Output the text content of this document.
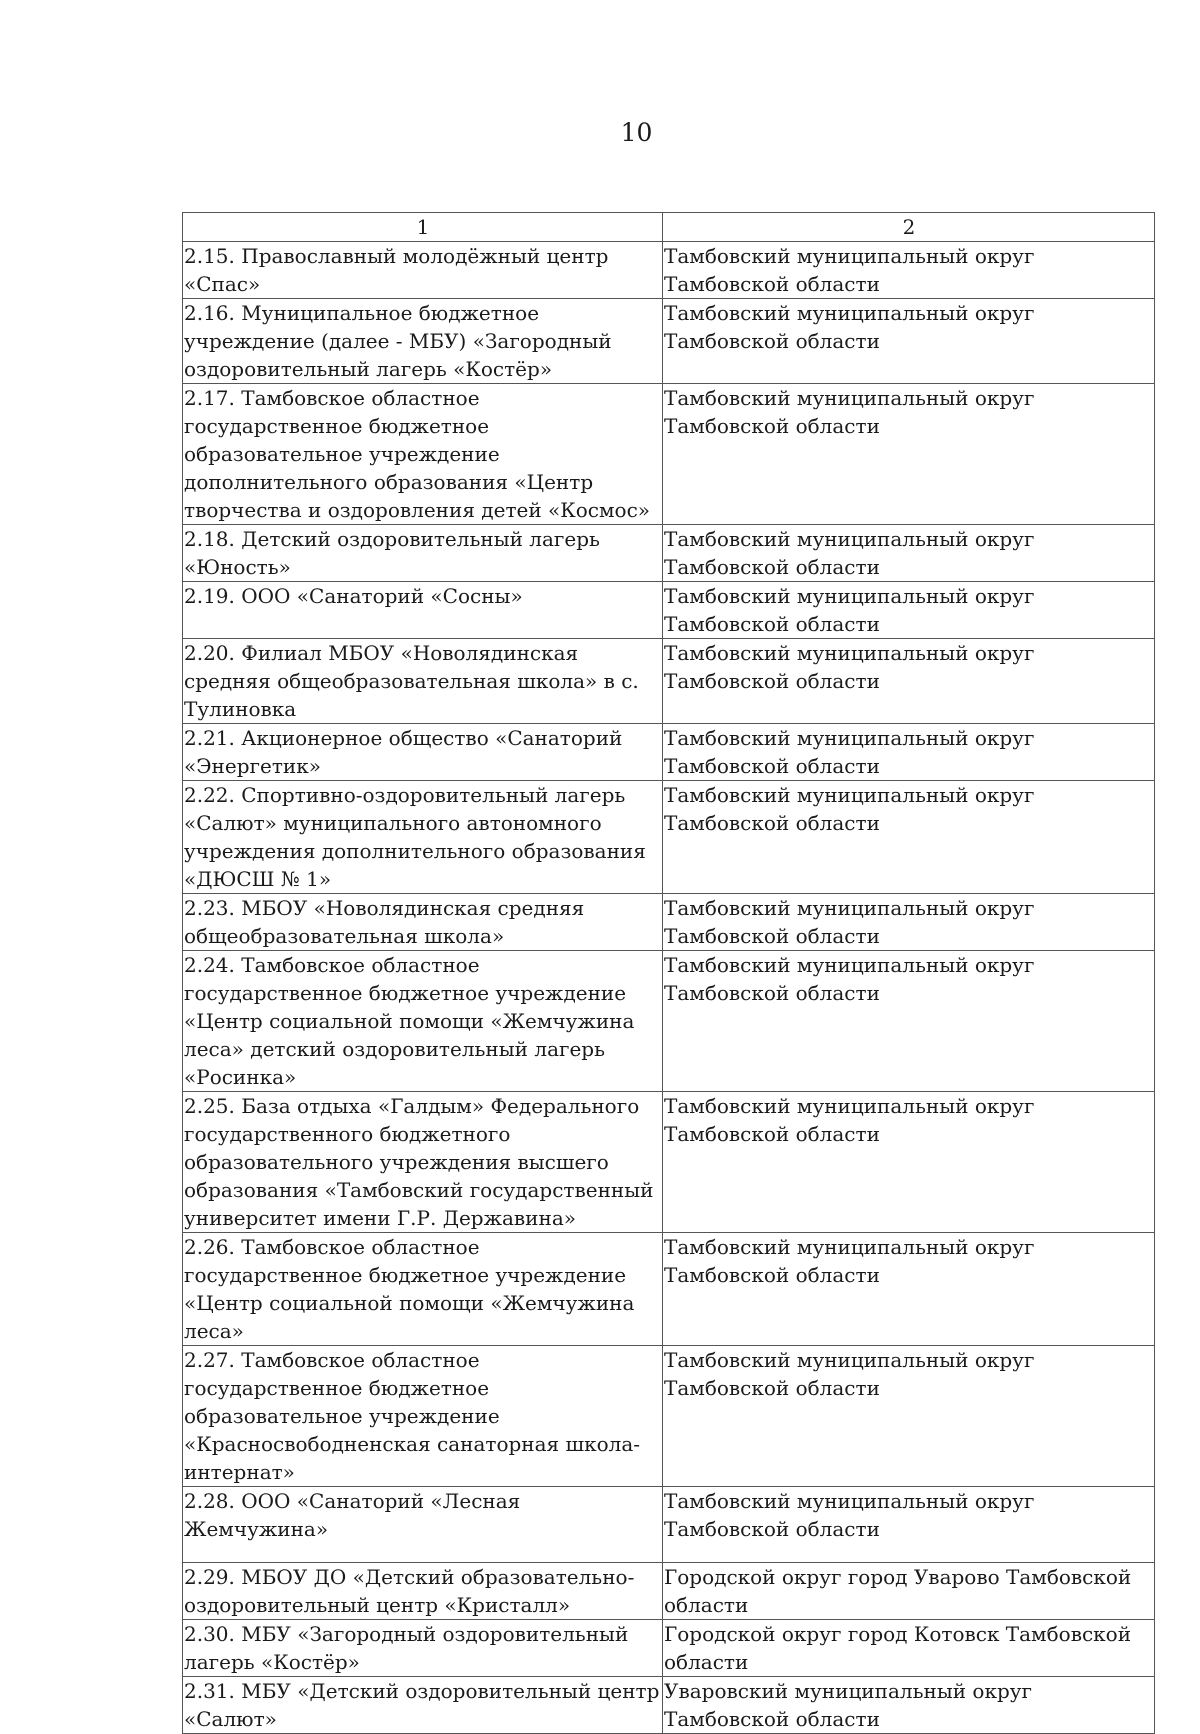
10
1	2
2.15. Православный молодёжный центр «Спас»	Тамбовский муниципальный округ Тамбовской области
2.16. Муниципальное бюджетное учреждение (далее - МБУ) «Загородный оздоровительный лагерь «Костёр»	Тамбовский муниципальный округ Тамбовской области
2.17. Тамбовское областное государственное бюджетное образовательное учреждение дополнительного образования «Центр творчества и оздоровления детей «Космос»	Тамбовский муниципальный округ Тамбовской области
2.18. Детский оздоровительный лагерь «Юность»	Тамбовский муниципальный округ Тамбовской области
2.19. ООО «Санаторий «Сосны»	Тамбовский муниципальный округ Тамбовской области
2.20. Филиал МБОУ «Новолядинская средняя общеобразовательная школа» в с. Тулиновка	Тамбовский муниципальный округ Тамбовской области
2.21. Акционерное общество «Санаторий «Энергетик»	Тамбовский муниципальный округ Тамбовской области
2.22. Спортивно-оздоровительный лагерь «Салют» муниципального автономного учреждения дополнительного образования «ДЮСШ № 1»	Тамбовский муниципальный округ Тамбовской области
2.23. МБОУ «Новолядинская средняя общеобразовательная школа»	Тамбовский муниципальный округ Тамбовской области
2.24. Тамбовское областное государственное бюджетное учреждение «Центр социальной помощи «Жемчужина леса» детский оздоровительный лагерь «Росинка»	Тамбовский муниципальный округ Тамбовской области
2.25. База отдыха «Галдым» Федерального государственного бюджетного образовательного учреждения высшего образования «Тамбовский государственный университет имени Г.Р. Державина»	Тамбовский муниципальный округ Тамбовской области
2.26. Тамбовское областное государственное бюджетное учреждение «Центр социальной помощи «Жемчужина леса»	Тамбовский муниципальный округ Тамбовской области
2.27. Тамбовское областное государственное бюджетное образовательное учреждение «Красносвободненская санаторная школа-интернат»	Тамбовский муниципальный округ Тамбовской области
2.28. ООО «Санаторий «Лесная Жемчужина»	Тамбовский муниципальный округ Тамбовской области
2.29. МБОУ ДО «Детский образовательно-оздоровительный центр «Кристалл»	Городской округ город Уварово Тамбовской области
2.30. МБУ «Загородный оздоровительный лагерь «Костёр»	Городской округ город Котовск Тамбовской области
2.31. МБУ «Детский оздоровительный центр «Салют»	Уваровский муниципальный округ Тамбовской области
